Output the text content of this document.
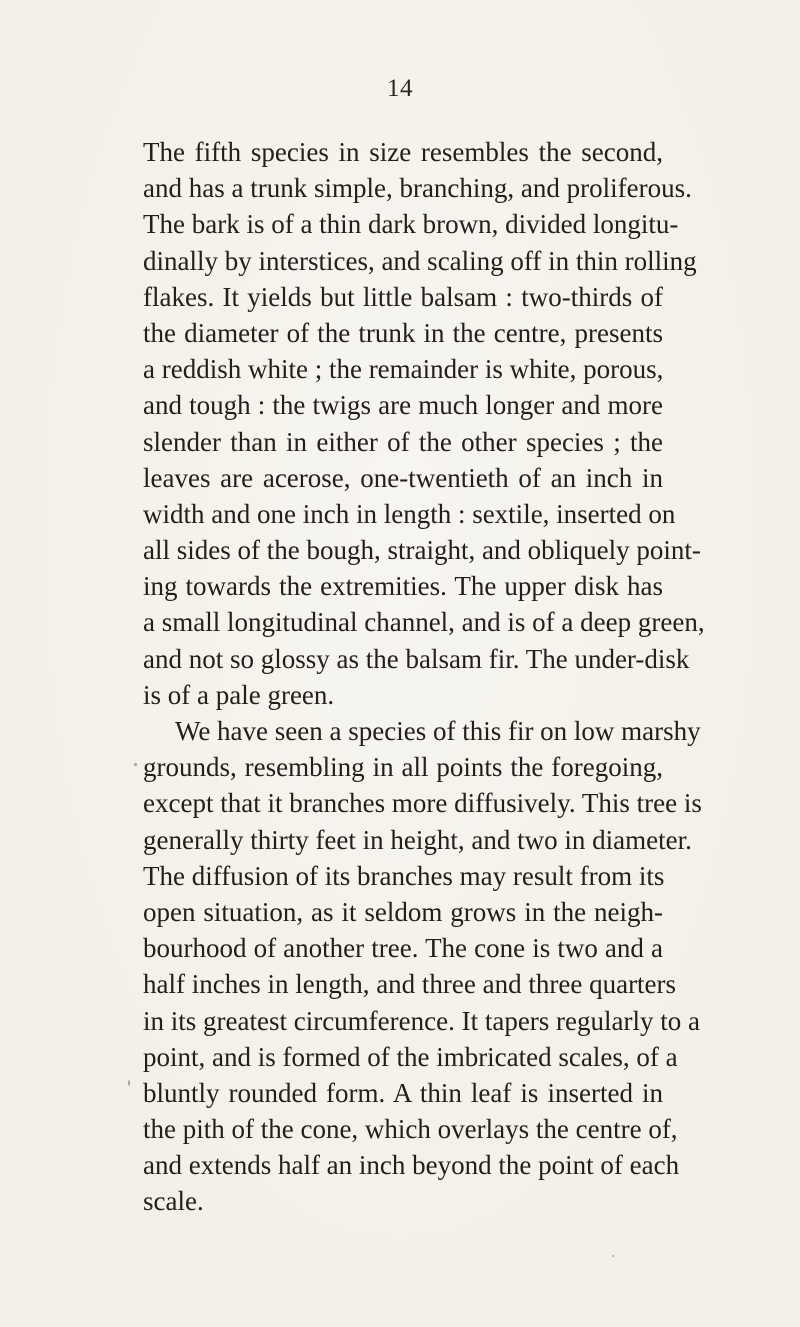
14
The fifth species in size resembles the second,
and has a trunk simple, branching, and proliferous.
The bark is of a thin dark brown, divided longitu-
dinally by interstices, and scaling off in thin rolling
flakes. It yields but little balsam : two-thirds of
the diameter of the trunk in the centre, presents
a reddish white ; the remainder is white, porous,
and tough : the twigs are much longer and more
slender than in either of the other species ; the
leaves are acerose, one-twentieth of an inch in
width and one inch in length : sextile, inserted on
all sides of the bough, straight, and obliquely point-
ing towards the extremities. The upper disk has
a small longitudinal channel, and is of a deep green,
and not so glossy as the balsam fir. The under-disk
is of a pale green.
We have seen a species of this fir on low marshy
grounds, resembling in all points the foregoing,
except that it branches more diffusively. This tree is
generally thirty feet in height, and two in diameter.
The diffusion of its branches may result from its
open situation, as it seldom grows in the neigh-
bourhood of another tree. The cone is two and a
half inches in length, and three and three quarters
in its greatest circumference. It tapers regularly to a
point, and is formed of the imbricated scales, of a
bluntly rounded form. A thin leaf is inserted in
the pith of the cone, which overlays the centre of,
and extends half an inch beyond the point of each
scale.
